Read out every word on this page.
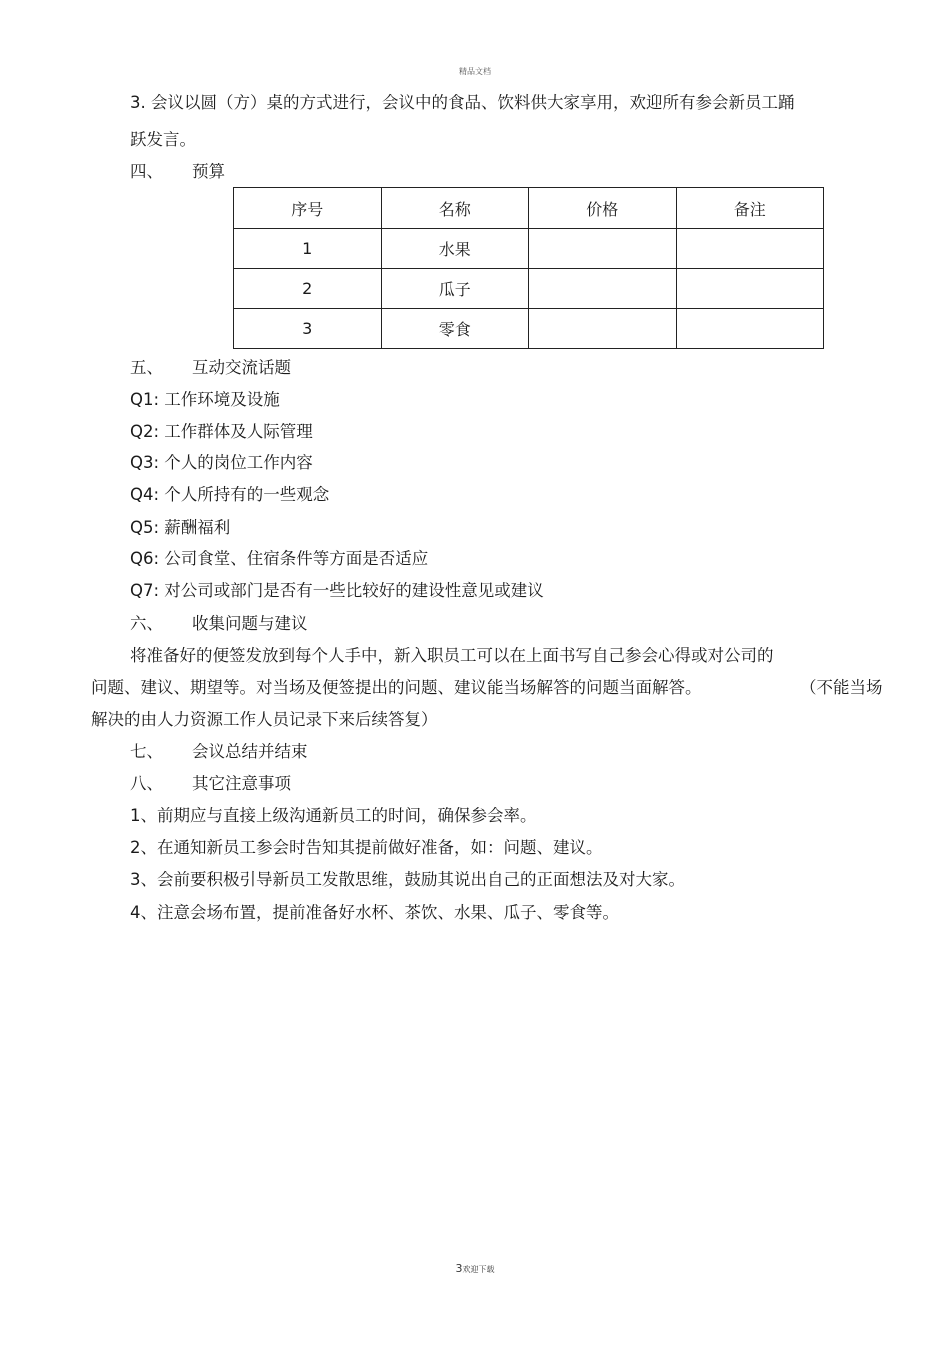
精品文档
3. 会议以圆（方）桌的方式进行，会议中的食品、饮料供大家享用，欢迎所有参会新员工踊
跃发言。
四、 预算
序号	名称	价格	备注
1	水果		
2	瓜子		
3	零食		
五、 互动交流话题
Q1: 工作环境及设施
Q2: 工作群体及人际管理
Q3: 个人的岗位工作内容
Q4: 个人所持有的一些观念
Q5: 薪酬福利
Q6: 公司食堂、住宿条件等方面是否适应
Q7: 对公司或部门是否有一些比较好的建设性意见或建议
六、 收集问题与建议
将准备好的便签发放到每个人手中，新入职员工可以在上面书写自己参会心得或对公司的
问题、建议、期望等。对当场及便签提出的问题、建议能当场解答的问题当面解答。	（不能当场
解决的由人力资源工作人员记录下来后续答复）
七、 会议总结并结束
八、 其它注意事项
1、前期应与直接上级沟通新员工的时间，确保参会率。
2、在通知新员工参会时告知其提前做好准备，如：问题、建议。
3、会前要积极引导新员工发散思维，鼓励其说出自己的正面想法及对大家。
4、注意会场布置，提前准备好水杯、茶饮、水果、瓜子、零食等。
3欢迎下载
